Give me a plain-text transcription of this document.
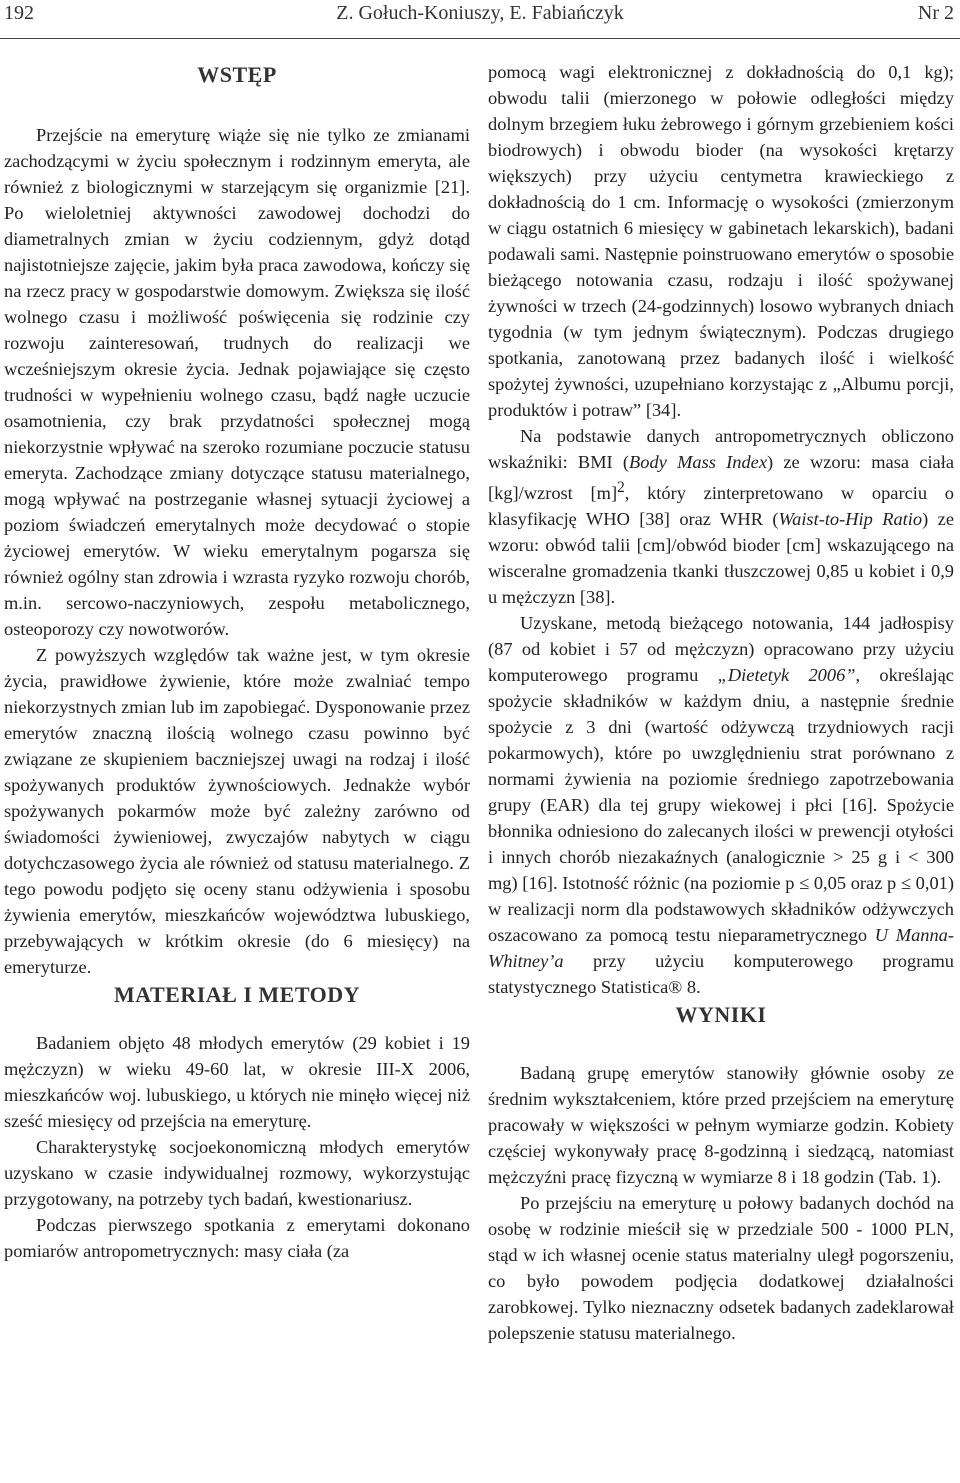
192	Z. Gołuch-Koniuszy, E. Fabiańczyk	Nr 2
WSTĘP

Przejście na emeryturę wiąże się nie tylko ze zmianami zachodzącymi w życiu społecznym i rodzinnym emeryta, ale również z biologicznymi w starzejącym się organizmie [21]. Po wieloletniej aktywności zawodowej dochodzi do diametralnych zmian w życiu codziennym, gdyż dotąd najistotniejsze zajęcie, jakim była praca zawodowa, kończy się na rzecz pracy w gospodarstwie domowym. Zwiększa się ilość wolnego czasu i możliwość poświęcenia się rodzinie czy rozwoju zainteresowań, trudnych do realizacji we wcześniejszym okresie życia. Jednak pojawiające się często trudności w wypełnieniu wolnego czasu, bądź nagłe uczucie osamotnienia, czy brak przydatności społecznej mogą niekorzystnie wpływać na szeroko rozumiane poczucie statusu emeryta. Zachodzące zmiany dotyczące statusu materialnego, mogą wpływać na postrzeganie własnej sytuacji życiowej a poziom świadczeń emerytalnych może decydować o stopie życiowej emerytów. W wieku emerytalnym pogarsza się również ogólny stan zdrowia i wzrasta ryzyko rozwoju chorób, m.in. sercowo-naczyniowych, zespołu metabolicznego, osteoporozy czy nowotworów.

Z powyższych względów tak ważne jest, w tym okresie życia, prawidłowe żywienie, które może zwalniać tempo niekorzystnych zmian lub im zapobiegać. Dysponowanie przez emerytów znaczną ilością wolnego czasu powinno być związane ze skupieniem baczniejszej uwagi na rodzaj i ilość spożywanych produktów żywnościowych. Jednakże wybór spożywanych pokarmów może być zależny zarówno od świadomości żywieniowej, zwyczajów nabytych w ciągu dotychczasowego życia ale również od statusu materialnego. Z tego powodu podjęto się oceny stanu odżywienia i sposobu żywienia emerytów, mieszkańców województwa lubuskiego, przebywających w krótkim okresie (do 6 miesięcy) na emeryturze.

MATERIAŁ I METODY

Badaniem objęto 48 młodych emerytów (29 kobiet i 19 mężczyzn) w wieku 49-60 lat, w okresie III-X 2006, mieszkańców woj. lubuskiego, u których nie minęło więcej niż sześć miesięcy od przejścia na emeryturę.

Charakterystykę socjoekonomiczną młodych emerytów uzyskano w czasie indywidualnej rozmowy, wykorzystując przygotowany, na potrzeby tych badań, kwestionariusz.

Podczas pierwszego spotkania z emerytami dokonano pomiarów antropometrycznych: masy ciała (za

pomocą wagi elektronicznej z dokładnością do 0,1 kg); obwodu talii (mierzonego w połowie odległości między dolnym brzegiem łuku żebrowego i górnym grzebieniem kości biodrowych) i obwodu bioder (na wysokości krętarzy większych) przy użyciu centymetra krawieckiego z dokładnością do 1 cm. Informację o wysokości (zmierzonym w ciągu ostatnich 6 miesięcy w gabinetach lekarskich), badani podawali sami. Następnie poinstruowano emerytów o sposobie bieżącego notowania czasu, rodzaju i ilość spożywanej żywności w trzech (24-godzinnych) losowo wybranych dniach tygodnia (w tym jednym świątecznym). Podczas drugiego spotkania, zanotowaną przez badanych ilość i wielkość spożytej żywności, uzupełniano korzystając z „Albumu porcji, produktów i potraw” [34].

Na podstawie danych antropometrycznych obliczono wskaźniki: BMI (Body Mass Index) ze wzoru: masa ciała [kg]/wzrost $[m]^2$, który zinterpretowano w oparciu o klasyfikację WHO [38] oraz WHR (Waist-to-Hip Ratio) ze wzoru: obwód talii [cm]/obwód bioder [cm] wskazującego na wisceralne gromadzenia tkanki tłuszczowej 0,85 u kobiet i 0,9 u mężczyzn [38].

Uzyskane, metodą bieżącego notowania, 144 jadłospisy (87 od kobiet i 57 od mężczyzn) opracowano przy użyciu komputerowego programu „Dietetyk 2006”, określając spożycie składników w każdym dniu, a następnie średnie spożycie z 3 dni (wartość odżywczą trzydniowych racji pokarmowych), które po uwzględnieniu strat porównano z normami żywienia na poziomie średniego zapotrzebowania grupy (EAR) dla tej grupy wiekowej i płci [16]. Spożycie błonnika odniesiono do zalecanych ilości w prewencji otyłości i innych chorób niezakaźnych (analogicznie > 25 g i < 300 mg) [16]. Istotność różnic (na poziomie p ≤ 0,05 oraz p ≤ 0,01) w realizacji norm dla podstawowych składników odżywczych oszacowano za pomocą testu nieparametrycznego U Manna-Whitney’a przy użyciu komputerowego programu statystycznego Statistica® 8.

WYNIKI

Badaną grupę emerytów stanowiły głównie osoby ze średnim wykształceniem, które przed przejściem na emeryturę pracowały w większości w pełnym wymiarze godzin. Kobiety częściej wykonywały pracę 8-godzinną i siedzącą, natomiast mężczyźni pracę fizyczną w wymiarze 8 i 18 godzin (Tab. 1).

Po przejściu na emeryturę u połowy badanych dochód na osobę w rodzinie mieścił się w przedziale 500 - 1000 PLN, stąd w ich własnej ocenie status materialny uległ pogorszeniu, co było powodem podjęcia dodatkowej działalności zarobkowej. Tylko nieznaczny odsetek badanych zadeklarował polepszenie statusu materialnego.
